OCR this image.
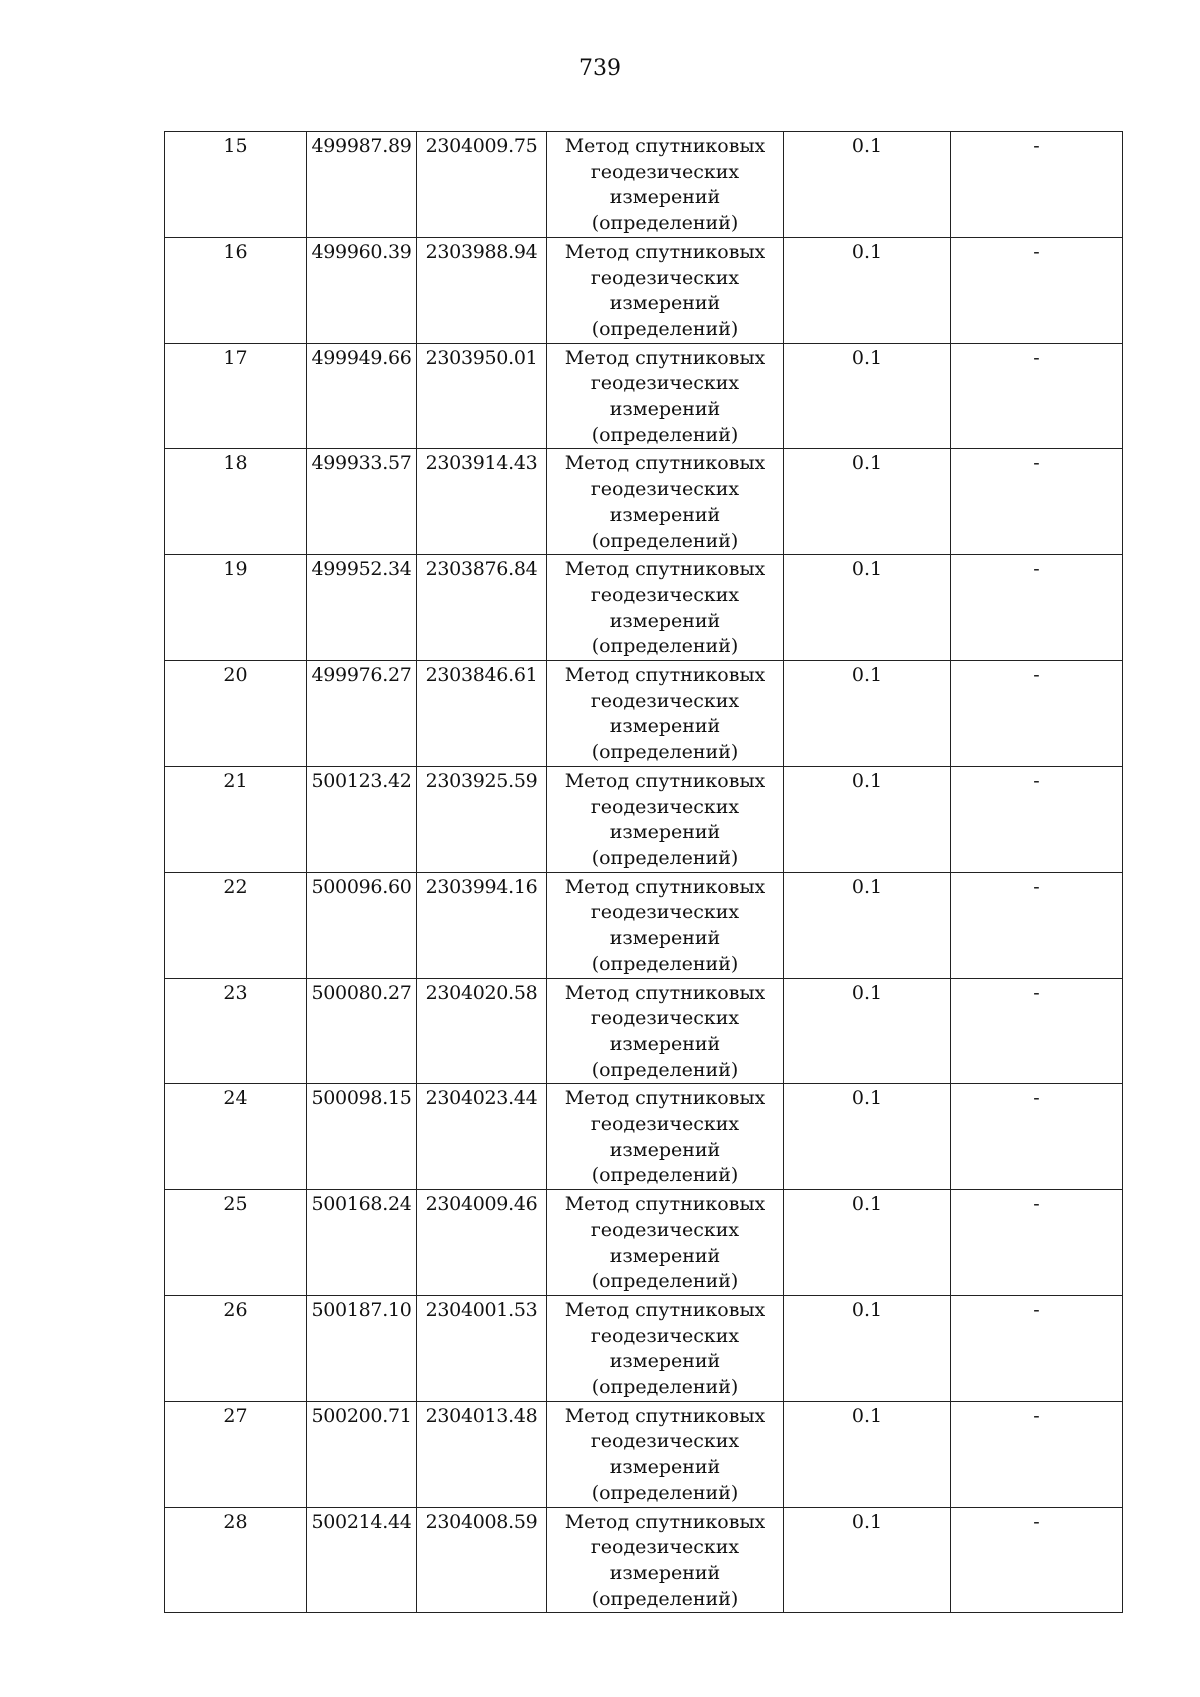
739
15	499987.89	2304009.75	Метод спутниковых
геодезических
измерений
(определений)	0.1	-
16	499960.39	2303988.94	Метод спутниковых
геодезических
измерений
(определений)	0.1	-
17	499949.66	2303950.01	Метод спутниковых
геодезических
измерений
(определений)	0.1	-
18	499933.57	2303914.43	Метод спутниковых
геодезических
измерений
(определений)	0.1	-
19	499952.34	2303876.84	Метод спутниковых
геодезических
измерений
(определений)	0.1	-
20	499976.27	2303846.61	Метод спутниковых
геодезических
измерений
(определений)	0.1	-
21	500123.42	2303925.59	Метод спутниковых
геодезических
измерений
(определений)	0.1	-
22	500096.60	2303994.16	Метод спутниковых
геодезических
измерений
(определений)	0.1	-
23	500080.27	2304020.58	Метод спутниковых
геодезических
измерений
(определений)	0.1	-
24	500098.15	2304023.44	Метод спутниковых
геодезических
измерений
(определений)	0.1	-
25	500168.24	2304009.46	Метод спутниковых
геодезических
измерений
(определений)	0.1	-
26	500187.10	2304001.53	Метод спутниковых
геодезических
измерений
(определений)	0.1	-
27	500200.71	2304013.48	Метод спутниковых
геодезических
измерений
(определений)	0.1	-
28	500214.44	2304008.59	Метод спутниковых
геодезических
измерений
(определений)	0.1	-
